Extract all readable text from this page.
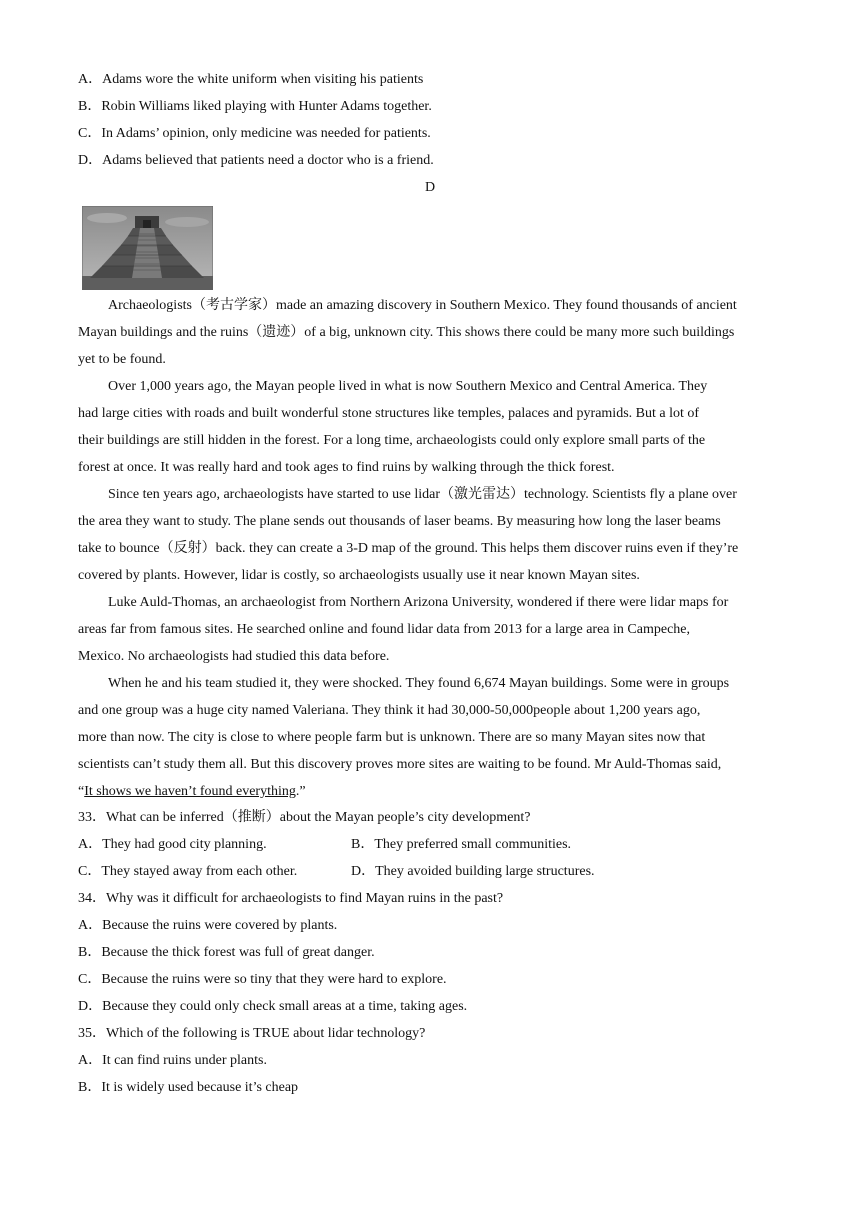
A．Adams wore the white uniform when visiting his patients
B．Robin Williams liked playing with Hunter Adams together.
C．In Adams’ opinion, only medicine was needed for patients.
D．Adams believed that patients need a doctor who is a friend.
D
Archaeologists（考古学家）made an amazing discovery in Southern Mexico. They found thousands of ancient
Mayan buildings and the ruins（遗迹）of a big, unknown city. This shows there could be many more such buildings
yet to be found.
Over 1,000 years ago, the Mayan people lived in what is now Southern Mexico and Central America. They
had large cities with roads and built wonderful stone structures like temples, palaces and pyramids. But a lot of
their buildings are still hidden in the forest. For a long time, archaeologists could only explore small parts of the
forest at once. It was really hard and took ages to find ruins by walking through the thick forest.
Since ten years ago, archaeologists have started to use lidar（激光雷达）technology. Scientists fly a plane over
the area they want to study. The plane sends out thousands of laser beams. By measuring how long the laser beams
take to bounce（反射）back. they can create a 3-D map of the ground. This helps them discover ruins even if they’re
covered by plants. However, lidar is costly, so archaeologists usually use it near known Mayan sites.
Luke Auld-Thomas, an archaeologist from Northern Arizona University, wondered if there were lidar maps for
areas far from famous sites. He searched online and found lidar data from 2013 for a large area in Campeche,
Mexico. No archaeologists had studied this data before.
When he and his team studied it, they were shocked. They found 6,674 Mayan buildings. Some were in groups
and one group was a huge city named Valeriana. They think it had 30,000-50,000people about 1,200 years ago,
more than now. The city is close to where people farm but is unknown. There are so many Mayan sites now that
scientists can’t study them all. But this discovery proves more sites are waiting to be found. Mr Auld-Thomas said,
“It shows we haven’t found everything.”
33．What can be inferred（推断）about the Mayan people’s city development?
A．They had good city planning.	B．They preferred small communities.
C．They stayed away from each other.	D．They avoided building large structures.
34．Why was it difficult for archaeologists to find Mayan ruins in the past?
A．Because the ruins were covered by plants.
B．Because the thick forest was full of great danger.
C．Because the ruins were so tiny that they were hard to explore.
D．Because they could only check small areas at a time, taking ages.
35．Which of the following is TRUE about lidar technology?
A．It can find ruins under plants.
B．It is widely used because it’s cheap
